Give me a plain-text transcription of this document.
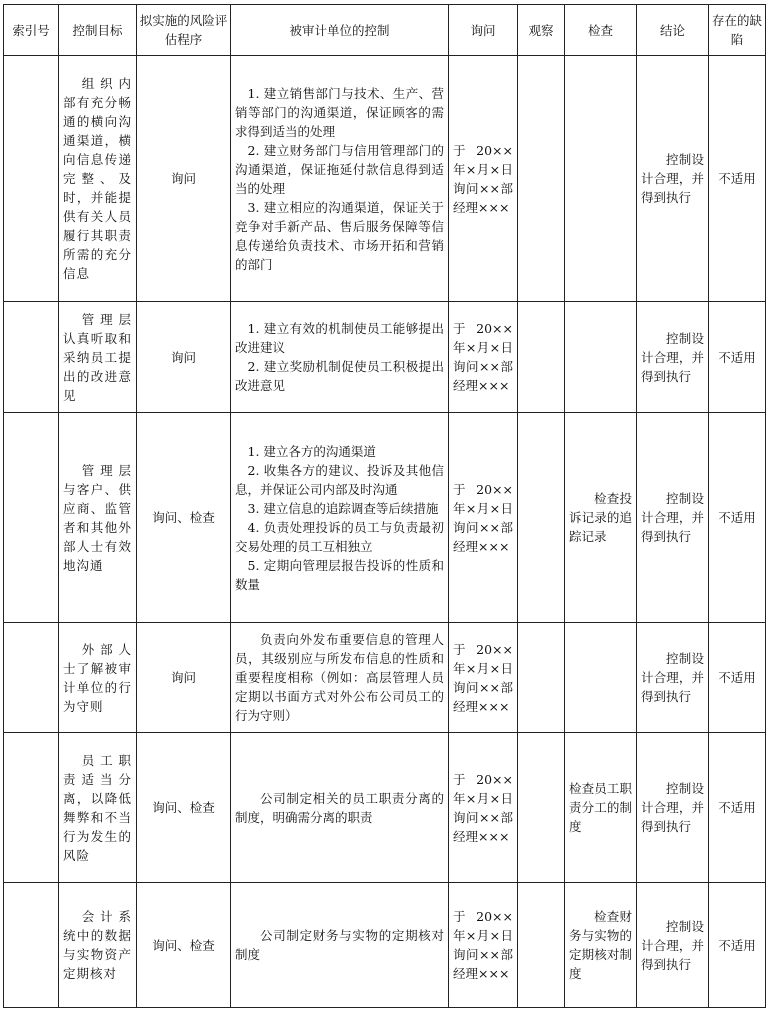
索引号	控制目标	拟实施的风险评估程序	被审计单位的控制	询问	观察	检查	结论	存在的缺陷
	组织内部有充分畅通的横向沟通渠道，横向信息传递完整、及时，并能提供有关人员履行其职责所需的充分信息	询问	1. 建立销售部门与技术、生产、营销等部门的沟通渠道，保证顾客的需求得到适当的处理
2. 建立财务部门与信用管理部门的沟通渠道，保证拖延付款信息得到适当的处理
3. 建立相应的沟通渠道，保证关于竞争对手新产品、售后服务保障等信息传递给负责技术、市场开拓和营销的部门	于20××年×月×日询问××部经理×××			控制设计合理，并得到执行	不适用
	管理层认真听取和采纳员工提出的改进意见	询问	1. 建立有效的机制使员工能够提出改进建议
2. 建立奖励机制促使员工积极提出改进意见	于20××年×月×日询问××部经理×××			控制设计合理，并得到执行	不适用
	管理层与客户、供应商、监管者和其他外部人士有效地沟通	询问、检查	1. 建立各方的沟通渠道
2. 收集各方的建议、投诉及其他信息，并保证公司内部及时沟通
3. 建立信息的追踪调查等后续措施
4. 负责处理投诉的员工与负责最初交易处理的员工互相独立
5. 定期向管理层报告投诉的性质和数量	于20××年×月×日询问××部经理×××		检查投诉记录的追踪记录	控制设计合理，并得到执行	不适用
	外部人士了解被审计单位的行为守则	询问	负责向外发布重要信息的管理人员，其级别应与所发布信息的性质和重要程度相称（例如：高层管理人员定期以书面方式对外公布公司员工的行为守则）	于20××年×月×日询问××部经理×××			控制设计合理，并得到执行	不适用
	员工职责适当分离，以降低舞弊和不当行为发生的风险	询问、检查	公司制定相关的员工职责分离的制度，明确需分离的职责	于20××年×月×日询问××部经理×××		检查员工职责分工的制度	控制设计合理，并得到执行	不适用
	会计系统中的数据与实物资产定期核对	询问、检查	公司制定财务与实物的定期核对制度	于20××年×月×日询问××部经理×××		检查财务与实物的定期核对制度	控制设计合理，并得到执行	不适用
